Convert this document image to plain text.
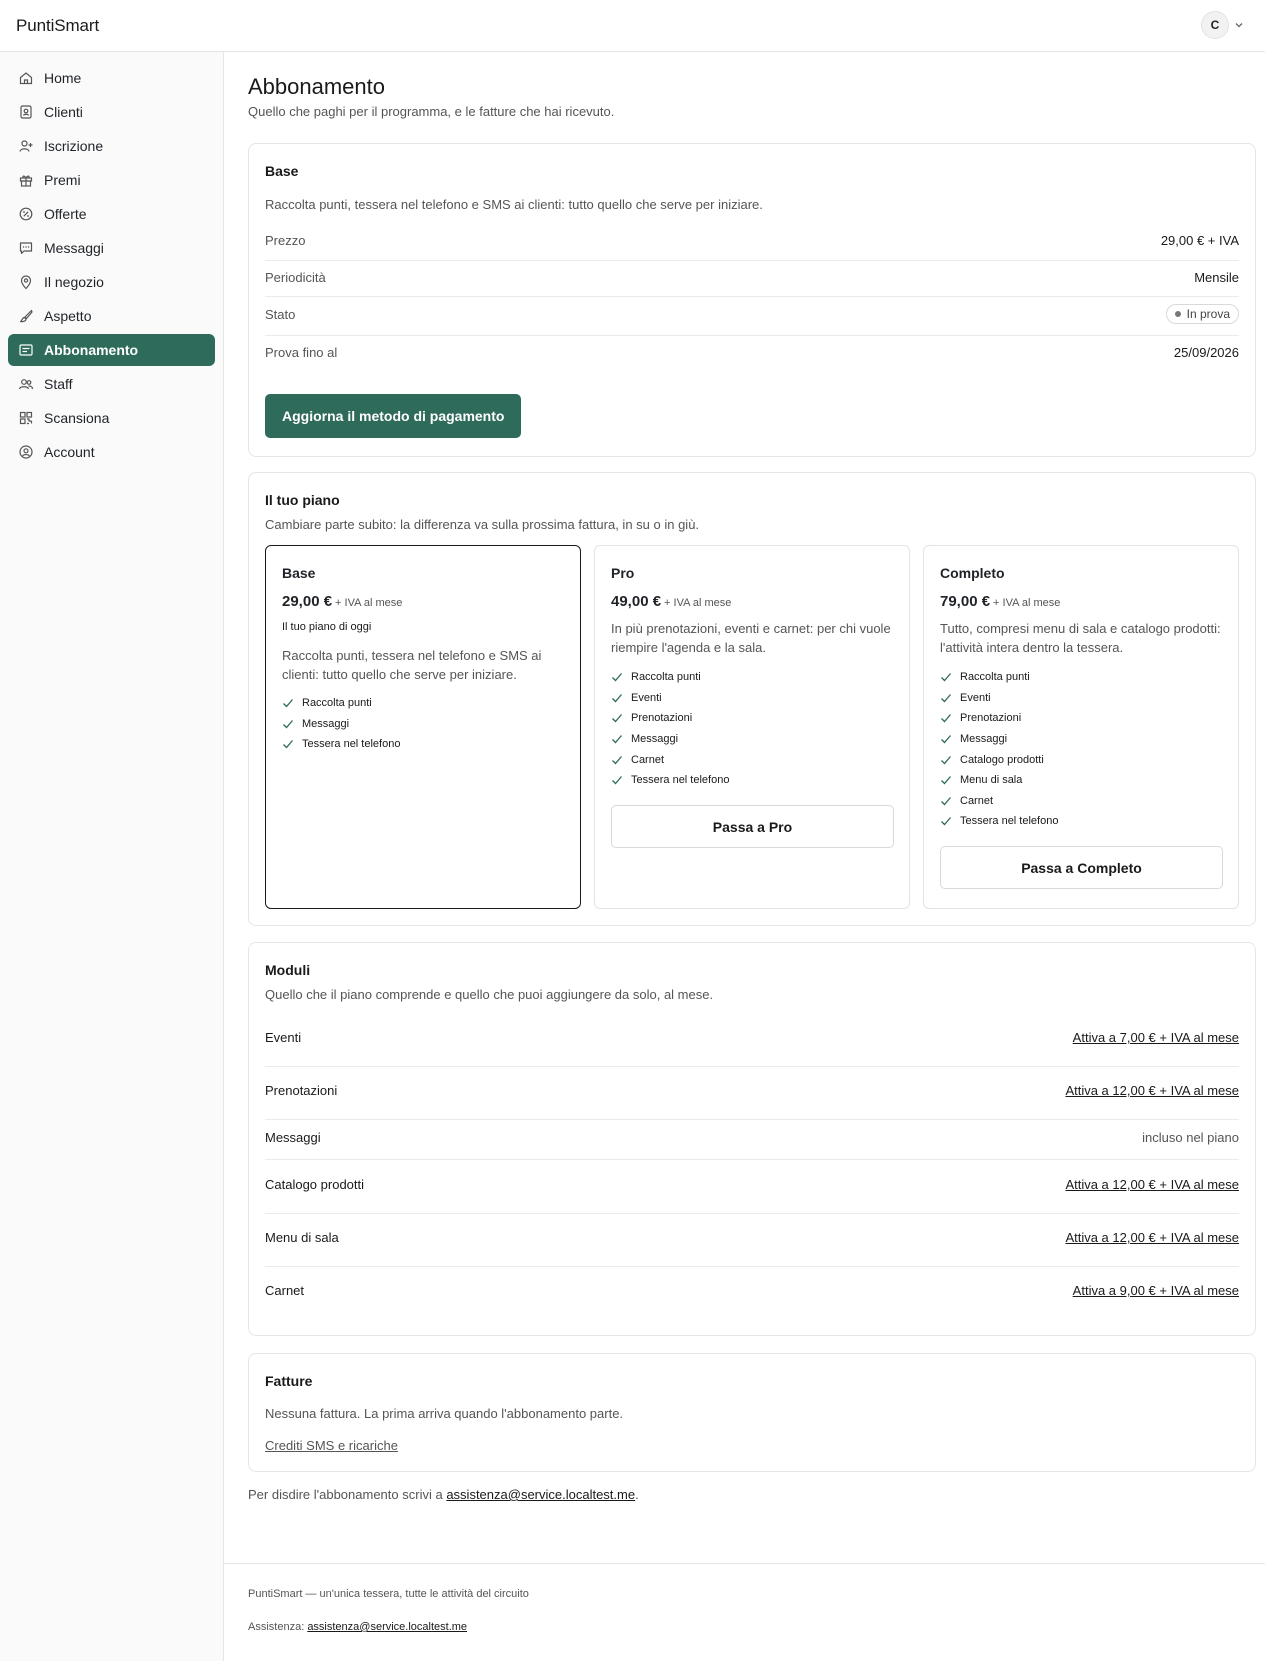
PuntiSmart	C
Home
Clienti
Iscrizione
Premi
Offerte
Messaggi
Il negozio
Aspetto
Abbonamento
Staff
Scansiona
Account
Abbonamento

Quello che paghi per il programma, e le fatture che hai ricevuto.

Base
Raccolta punti, tessera nel telefono e SMS ai clienti: tutto quello che serve per iniziare.
Prezzo	29,00 € + IVA
Periodicità	Mensile
Stato	In prova
Prova fino al	25/09/2026
Aggiorna il metodo di pagamento
Il tuo piano
Cambiare parte subito: la differenza va sulla prossima fattura, in su o in giù.
Base
29,00 € + IVA al mese
Il tuo piano di oggi
Raccolta punti, tessera nel telefono e SMS ai clienti: tutto quello che serve per iniziare.
Raccolta punti
Messaggi
Tessera nel telefono
Pro
49,00 € + IVA al mese
In più prenotazioni, eventi e carnet: per chi vuole riempire l'agenda e la sala.
Raccolta punti
Eventi
Prenotazioni
Messaggi
Carnet
Tessera nel telefono
Passa a Pro
Completo
79,00 € + IVA al mese
Tutto, compresi menu di sala e catalogo prodotti: l'attività intera dentro la tessera.
Raccolta punti
Eventi
Prenotazioni
Messaggi
Catalogo prodotti
Menu di sala
Carnet
Tessera nel telefono
Passa a Completo
Moduli
Quello che il piano comprende e quello che puoi aggiungere da solo, al mese.
Eventi	Attiva a 7,00 € + IVA al mese
Prenotazioni	Attiva a 12,00 € + IVA al mese
Messaggi	incluso nel piano
Catalogo prodotti	Attiva a 12,00 € + IVA al mese
Menu di sala	Attiva a 12,00 € + IVA al mese
Carnet	Attiva a 9,00 € + IVA al mese
Fatture
Nessuna fattura. La prima arriva quando l'abbonamento parte.
Crediti SMS e ricariche

Per disdire l'abbonamento scrivi a assistenza@service.localtest.me.

PuntiSmart — un'unica tessera, tutte le attività del circuito
Assistenza: assistenza@service.localtest.me
